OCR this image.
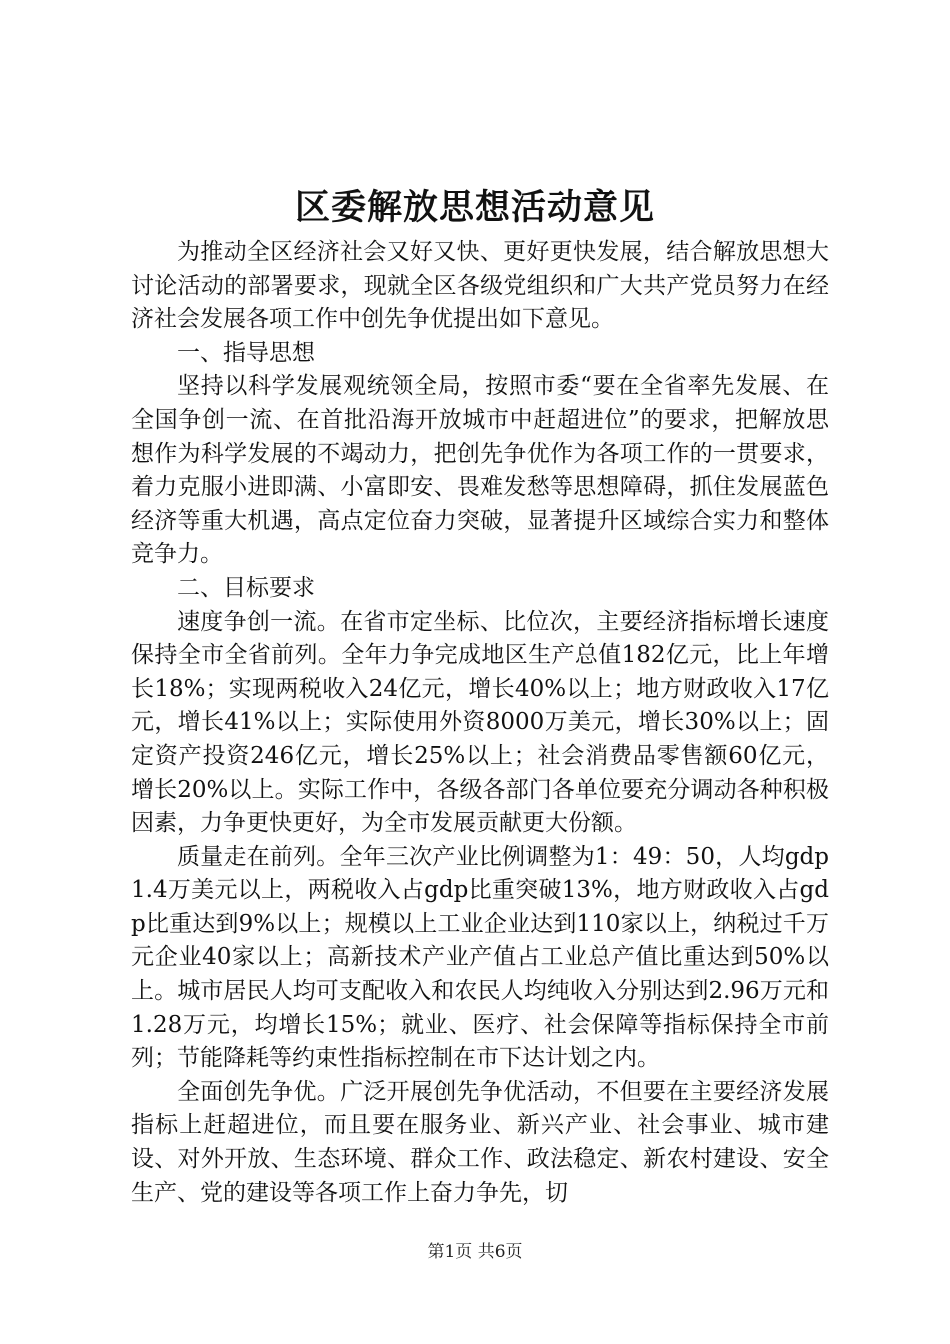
区委解放思想活动意见

为推动全区经济社会又好又快、更好更快发展，结合解放思想大讨论活动的部署要求，现就全区各级党组织和广大共产党员努力在经济社会发展各项工作中创先争优提出如下意见。

一、指导思想

坚持以科学发展观统领全局，按照市委“要在全省率先发展、在全国争创一流、在首批沿海开放城市中赶超进位”的要求，把解放思想作为科学发展的不竭动力，把创先争优作为各项工作的一贯要求，着力克服小进即满、小富即安、畏难发愁等思想障碍，抓住发展蓝色经济等重大机遇，高点定位奋力突破，显著提升区域综合实力和整体竞争力。

二、目标要求

速度争创一流。在省市定坐标、比位次，主要经济指标增长速度保持全市全省前列。全年力争完成地区生产总值182亿元，比上年增长18%；实现两税收入24亿元，增长40%以上；地方财政收入17亿元，增长41%以上；实际使用外资8000万美元，增长30%以上；固定资产投资246亿元，增长25%以上；社会消费品零售额60亿元，增长20%以上。实际工作中，各级各部门各单位要充分调动各种积极因素，力争更快更好，为全市发展贡献更大份额。

质量走在前列。全年三次产业比例调整为1：49：50，人均gdp1.4万美元以上，两税收入占gdp比重突破13%，地方财政收入占gdp比重达到9%以上；规模以上工业企业达到110家以上，纳税过千万元企业40家以上；高新技术产业产值占工业总产值比重达到50%以上。城市居民人均可支配收入和农民人均纯收入分别达到2.96万元和1.28万元，均增长15%；就业、医疗、社会保障等指标保持全市前列；节能降耗等约束性指标控制在市下达计划之内。

全面创先争优。广泛开展创先争优活动，不但要在主要经济发展指标上赶超进位，而且要在服务业、新兴产业、社会事业、城市建设、对外开放、生态环境、群众工作、政法稳定、新农村建设、安全生产、党的建设等各项工作上奋力争先，切

第1页 共6页
